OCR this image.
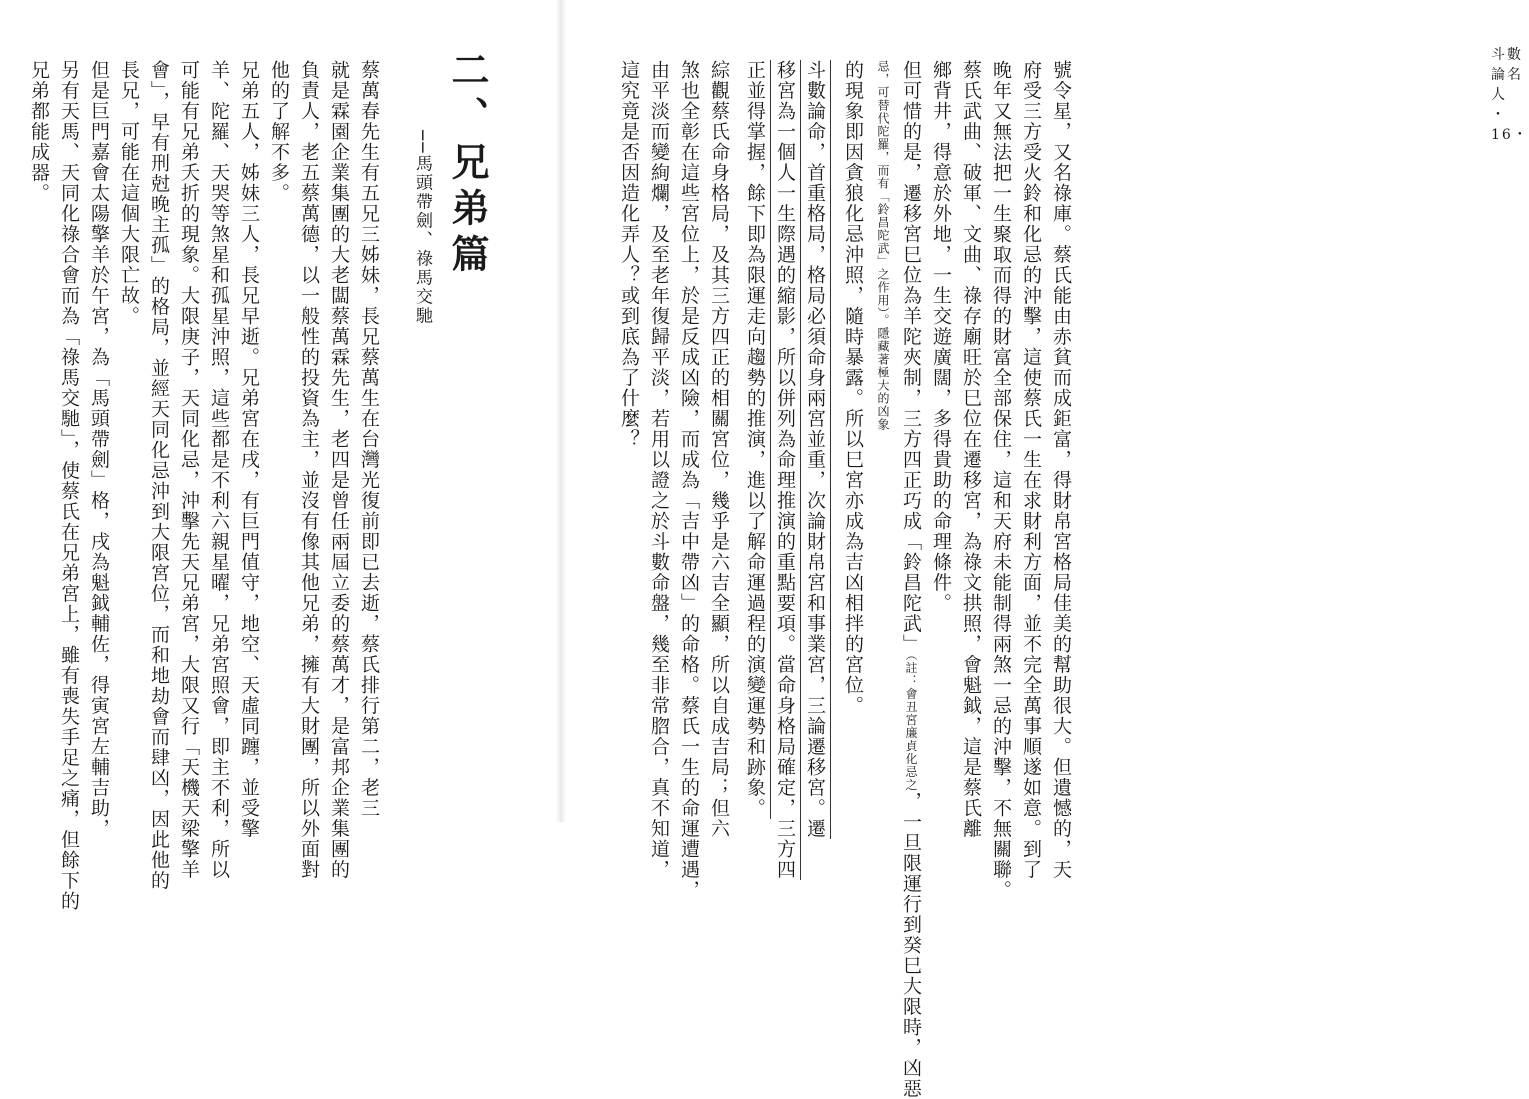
斗數論名人 ・16・
號令星，又名祿庫。蔡氏能由赤貧而成鉅富，得財帛宮格局佳美的幫助很大。但遺憾的，天
府受三方受火鈴和化忌的沖擊，這使蔡氏一生在求財利方面，並不完全萬事順遂如意。到了
晚年又無法把一生聚取而得的財富全部保住，這和天府未能制得兩煞一忌的沖擊，不無關聯。
蔡氏武曲、破軍、文曲、祿存廟旺於巳位在遷移宮，為祿文拱照，會魁鉞，這是蔡氏離
鄉背井，得意於外地，一生交遊廣闊，多得貴助的命理條件。
但可惜的是，遷移宮巳位為羊陀夾制，三方四正巧成「鈴昌陀武」（註：會丑宮廉貞化忌之，一旦限運行到癸巳大限時，凶惡
忌，可替代陀羅，而有「鈴昌陀武」之作用）。隱藏著極大的凶象
的現象即因貪狼化忌沖照，隨時暴露。所以巳宮亦成為吉凶相拌的宮位。
斗數論命，首重格局，格局必須命身兩宮並重，次論財帛宮和事業宮，三論遷移宮。遷
移宮為一個人一生際遇的縮影，所以併列為命理推演的重點要項。當命身格局確定，三方四
正並得掌握，餘下即為限運走向趨勢的推演，進以了解命運過程的演變運勢和跡象。
綜觀蔡氏命身格局，及其三方四正的相關宮位，幾乎是六吉全顯，所以自成吉局；但六
煞也全彰在這些宮位上，於是反成凶險，而成為「吉中帶凶」的命格。蔡氏一生的命運遭遇，
由平淡而變絢爛，及至老年復歸平淡，若用以證之於斗數命盤，幾至非常脗合，真不知道，
這究竟是否因造化弄人？或到底為了什麼？
二、兄弟篇
──馬頭帶劍、祿馬交馳
蔡萬春先生有五兄三姊妹，長兄蔡萬生在台灣光復前即已去逝，蔡氏排行第二，老三
就是霖園企業集團的大老闆蔡萬霖先生，老四是曾任兩屆立委的蔡萬才，是富邦企業集團的
負責人，老五蔡萬德，以一般性的投資為主，並沒有像其他兄弟，擁有大財團，所以外面對
他的了解不多。
兄弟五人，姊妹三人，長兄早逝。兄弟宮在戌，有巨門值守，地空、天虛同躔，並受擎
羊、陀羅、天哭等煞星和孤星沖照，這些都是不利六親星曜，兄弟宮照會，即主不利，所以
可能有兄弟夭折的現象。大限庚子，天同化忌，沖擊先天兄弟宮，大限又行「天機天梁擎羊
會」，早有刑尅晚主孤」的格局，並經天同化忌沖到大限宮位，而和地劫會而肆凶，因此他的
長兄，可能在這個大限亡故。
但是巨門嘉會太陽擎羊於午宮，為「馬頭帶劍」格，戌為魁鉞輔佐，得寅宮左輔吉助，
另有天馬、天同化祿合會而為「祿馬交馳」，使蔡氏在兄弟宮上，雖有喪失手足之痛，但餘下的
兄弟都能成器。
